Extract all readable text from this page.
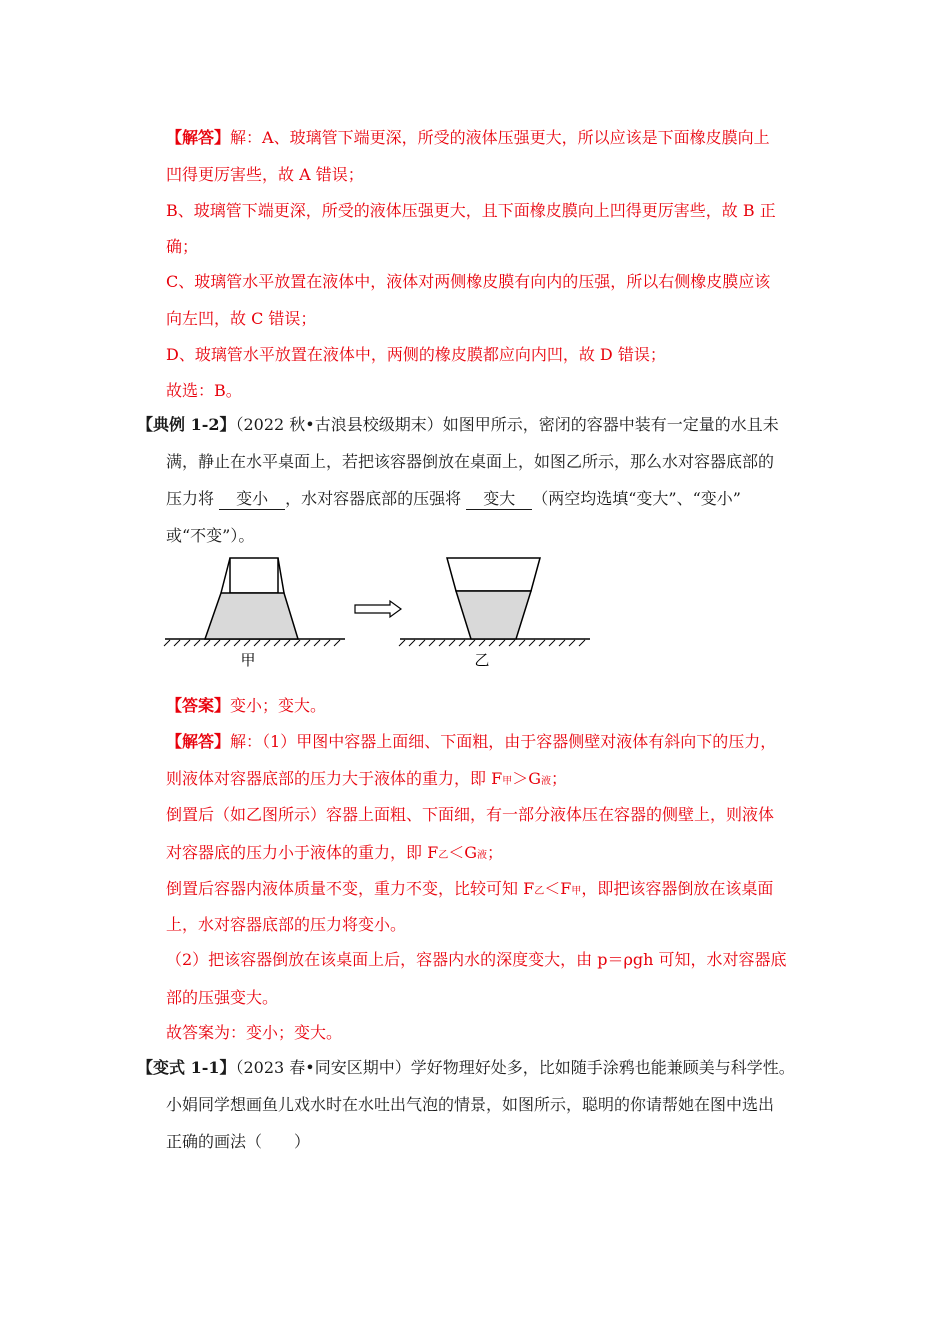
【解答】解：A、玻璃管下端更深，所受的液体压强更大，所以应该是下面橡皮膜向上
凹得更厉害些，故 A 错误；
B、玻璃管下端更深，所受的液体压强更大，且下面橡皮膜向上凹得更厉害些，故 B 正
确；
C、玻璃管水平放置在液体中，液体对两侧橡皮膜有向内的压强，所以右侧橡皮膜应该
向左凹，故 C 错误；
D、玻璃管水平放置在液体中，两侧的橡皮膜都应向内凹，故 D 错误；
故选：B。
【典例 1-2】（2022 秋•古浪县校级期末）如图甲所示，密闭的容器中装有一定量的水且未
满，静止在水平桌面上，若把该容器倒放在桌面上，如图乙所示，那么水对容器底部的
压力将 变小 ，水对容器底部的压强将 变大 （两空均选填“变大”、“变小”
或“不变”）。
甲	乙
【答案】变小；变大。
【解答】解：（1）甲图中容器上面细、下面粗，由于容器侧壁对液体有斜向下的压力，
则液体对容器底部的压力大于液体的重力，即 F甲＞G液；
倒置后（如乙图所示）容器上面粗、下面细，有一部分液体压在容器的侧壁上，则液体
对容器底的压力小于液体的重力，即 F乙＜G液；
倒置后容器内液体质量不变，重力不变，比较可知 F乙＜F甲，即把该容器倒放在该桌面
上，水对容器底部的压力将变小。
（2）把该容器倒放在该桌面上后，容器内水的深度变大，由 p＝ρgh 可知，水对容器底
部的压强变大。
故答案为：变小；变大。
【变式 1-1】（2023 春•同安区期中）学好物理好处多，比如随手涂鸦也能兼顾美与科学性。
小娟同学想画鱼儿戏水时在水吐出气泡的情景，如图所示，聪明的你请帮她在图中选出
正确的画法（　　）
